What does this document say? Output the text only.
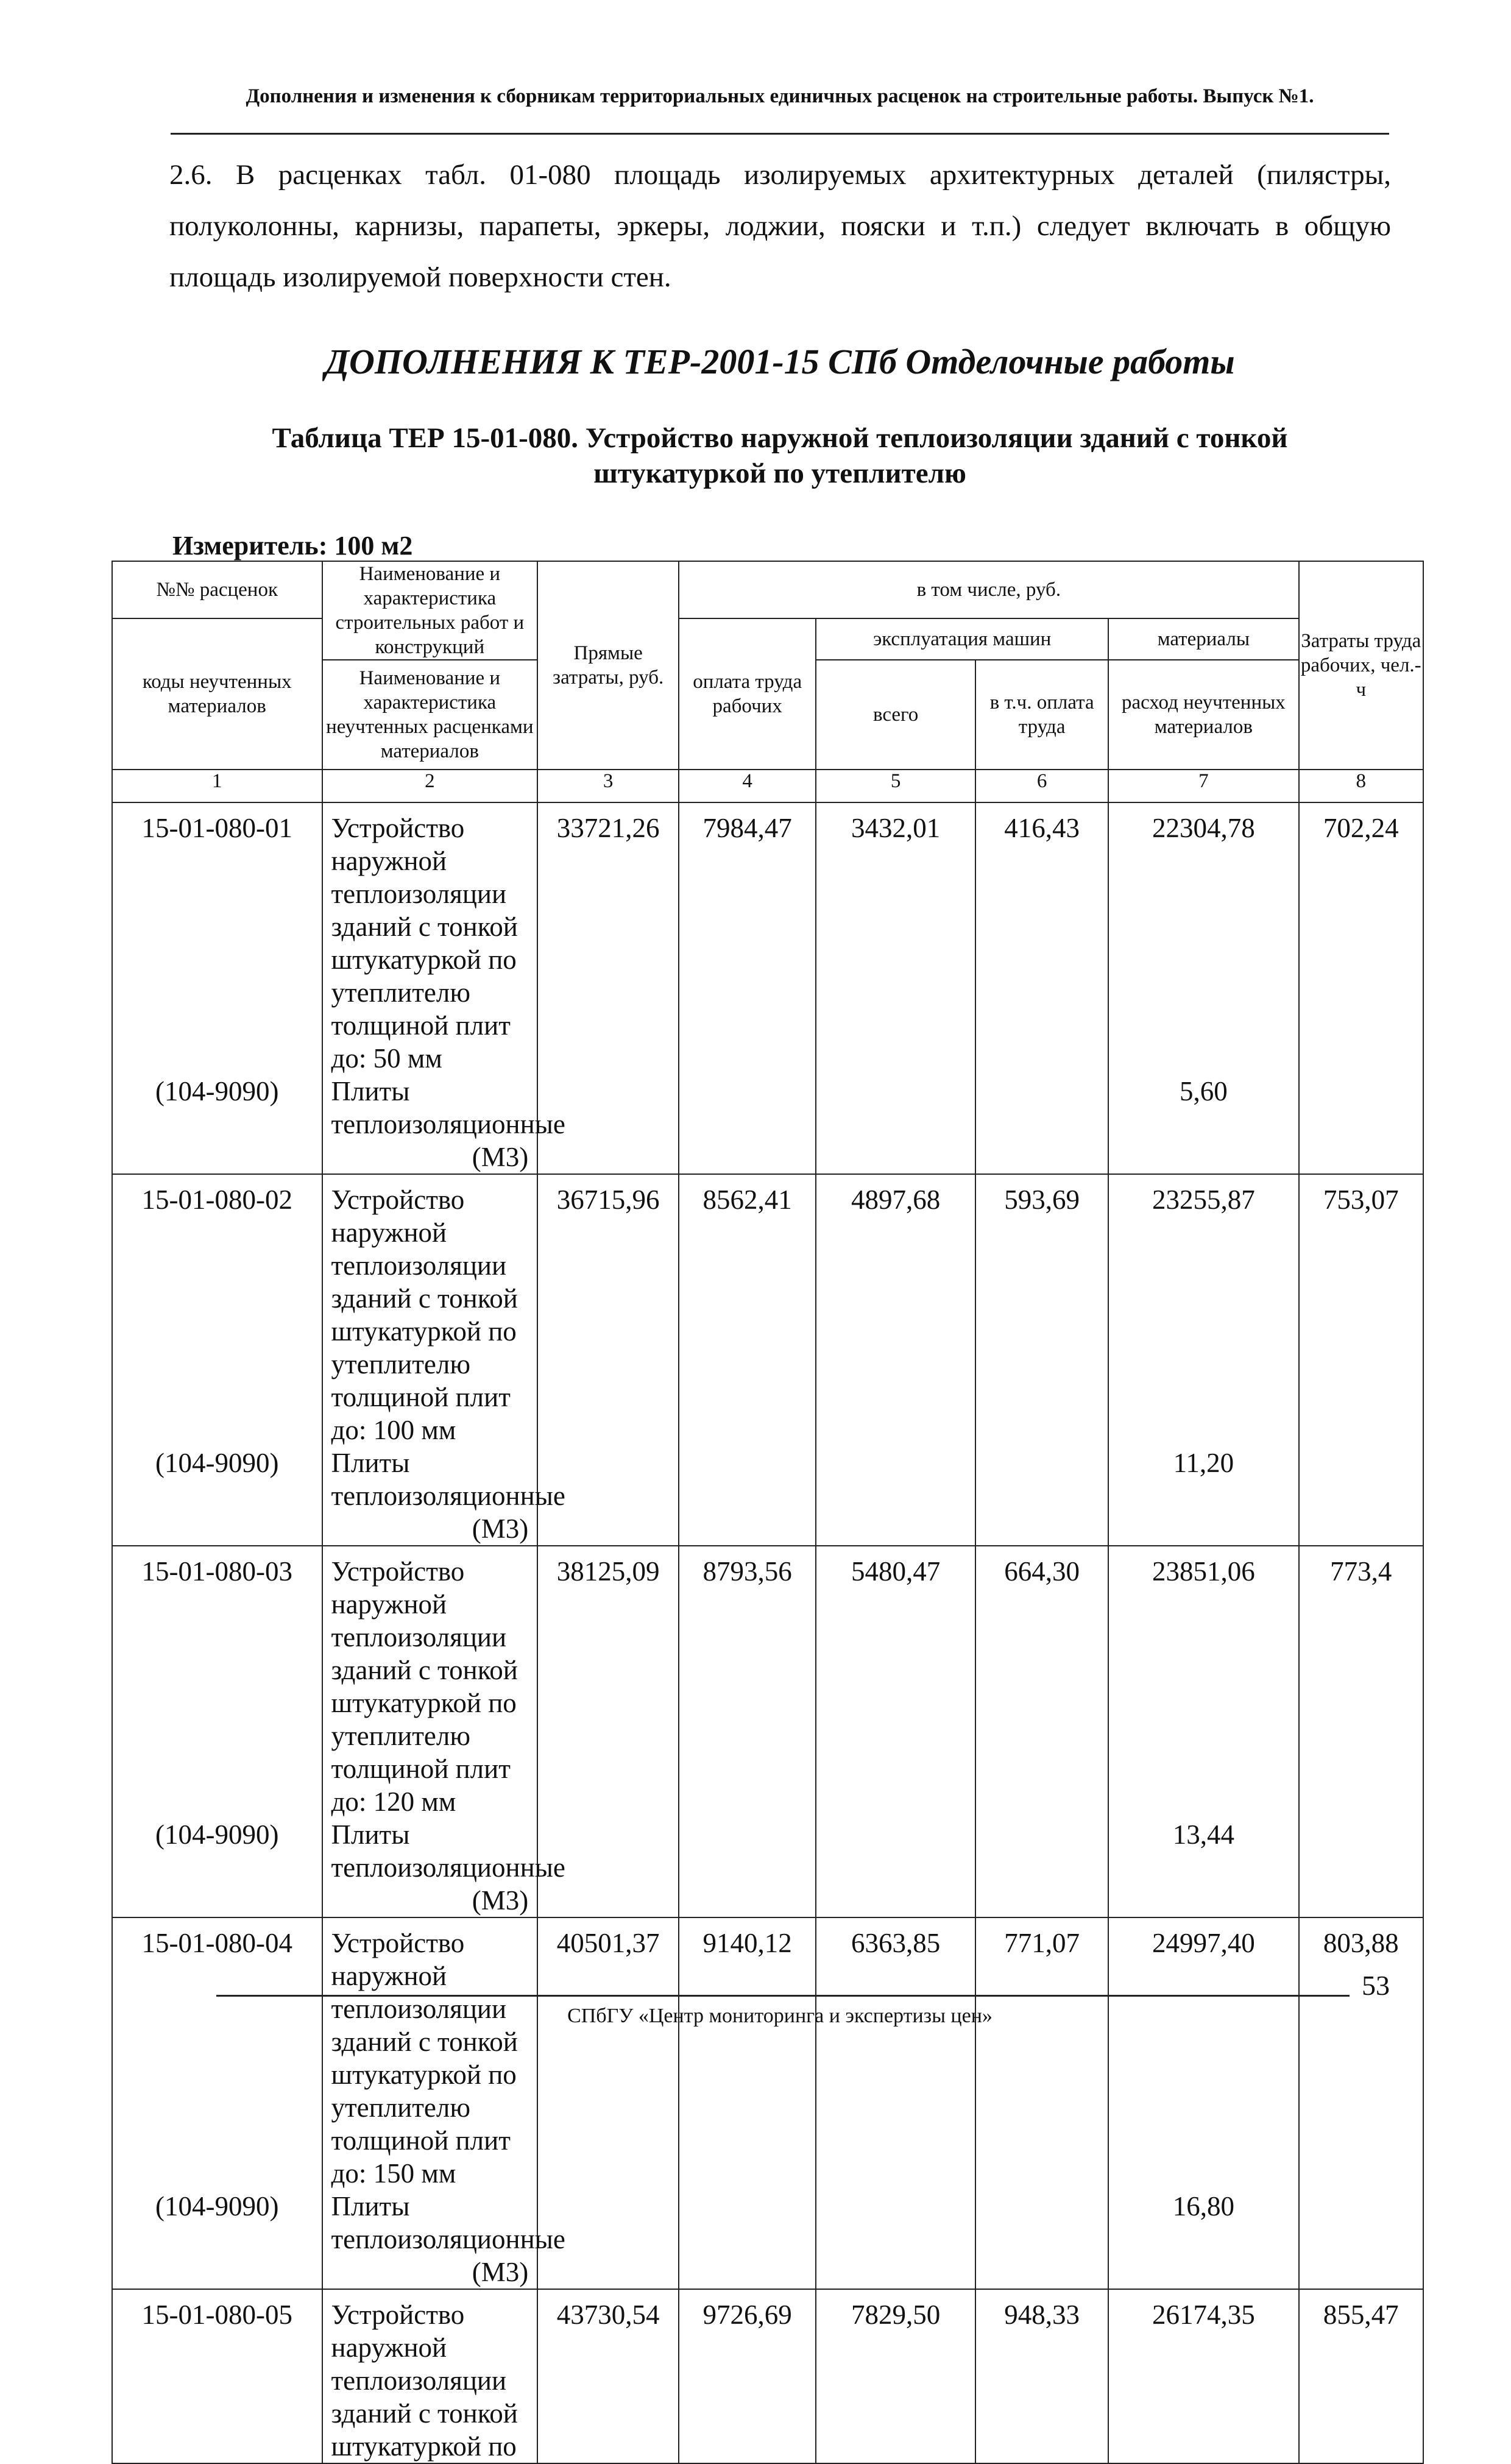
Дополнения и изменения к сборникам территориальных единичных расценок на строительные работы. Выпуск №1.
2.6. В расценках табл. 01-080 площадь изолируемых архитектурных деталей (пилястры, полуколонны, карнизы, парапеты, эркеры, лоджии, пояски и т.п.) следует включать в общую площадь изолируемой поверхности стен.
ДОПОЛНЕНИЯ К ТЕР-2001-15 СПб Отделочные работы
Таблица ТЕР 15-01-080. Устройство наружной теплоизоляции зданий с тонкой
штукатуркой по утеплителю
Измеритель: 100 м2
№№ расценок	Наименование и характеристика строительных работ и конструкций	Прямые затраты, руб.	в том числе, руб.				Затраты труда рабочих, чел.-ч
коды неучтенных материалов			оплата труда рабочих	эксплуатация машин		материалы	
	Наименование и характеристика неучтенных расценками материалов			всего	в т.ч. оплата труда	расход неучтенных материалов	
1	2	3	4	5	6	7	8
15-01-080-01	Устройство наружной теплоизоляции зданий с тонкой штукатуркой по утеплителю толщиной плит до: 50 мм	33721,26	7984,47	3432,01	416,43	22304,78	702,24
(104-9090)	Плиты теплоизоляционные
(М3)					5,60	
15-01-080-02	Устройство наружной теплоизоляции зданий с тонкой штукатуркой по утеплителю толщиной плит до: 100 мм	36715,96	8562,41	4897,68	593,69	23255,87	753,07
(104-9090)	Плиты теплоизоляционные
(М3)					11,20	
15-01-080-03	Устройство наружной теплоизоляции зданий с тонкой штукатуркой по утеплителю толщиной плит до: 120 мм	38125,09	8793,56	5480,47	664,30	23851,06	773,4
(104-9090)	Плиты теплоизоляционные
(М3)					13,44	
15-01-080-04	Устройство наружной теплоизоляции зданий с тонкой штукатуркой по утеплителю толщиной плит до: 150 мм	40501,37	9140,12	6363,85	771,07	24997,40	803,88
(104-9090)	Плиты теплоизоляционные
(М3)					16,80	
15-01-080-05	Устройство наружной теплоизоляции зданий с тонкой штукатуркой по	43730,54	9726,69	7829,50	948,33	26174,35	855,47
53
СПбГУ «Центр мониторинга и экспертизы цен»
